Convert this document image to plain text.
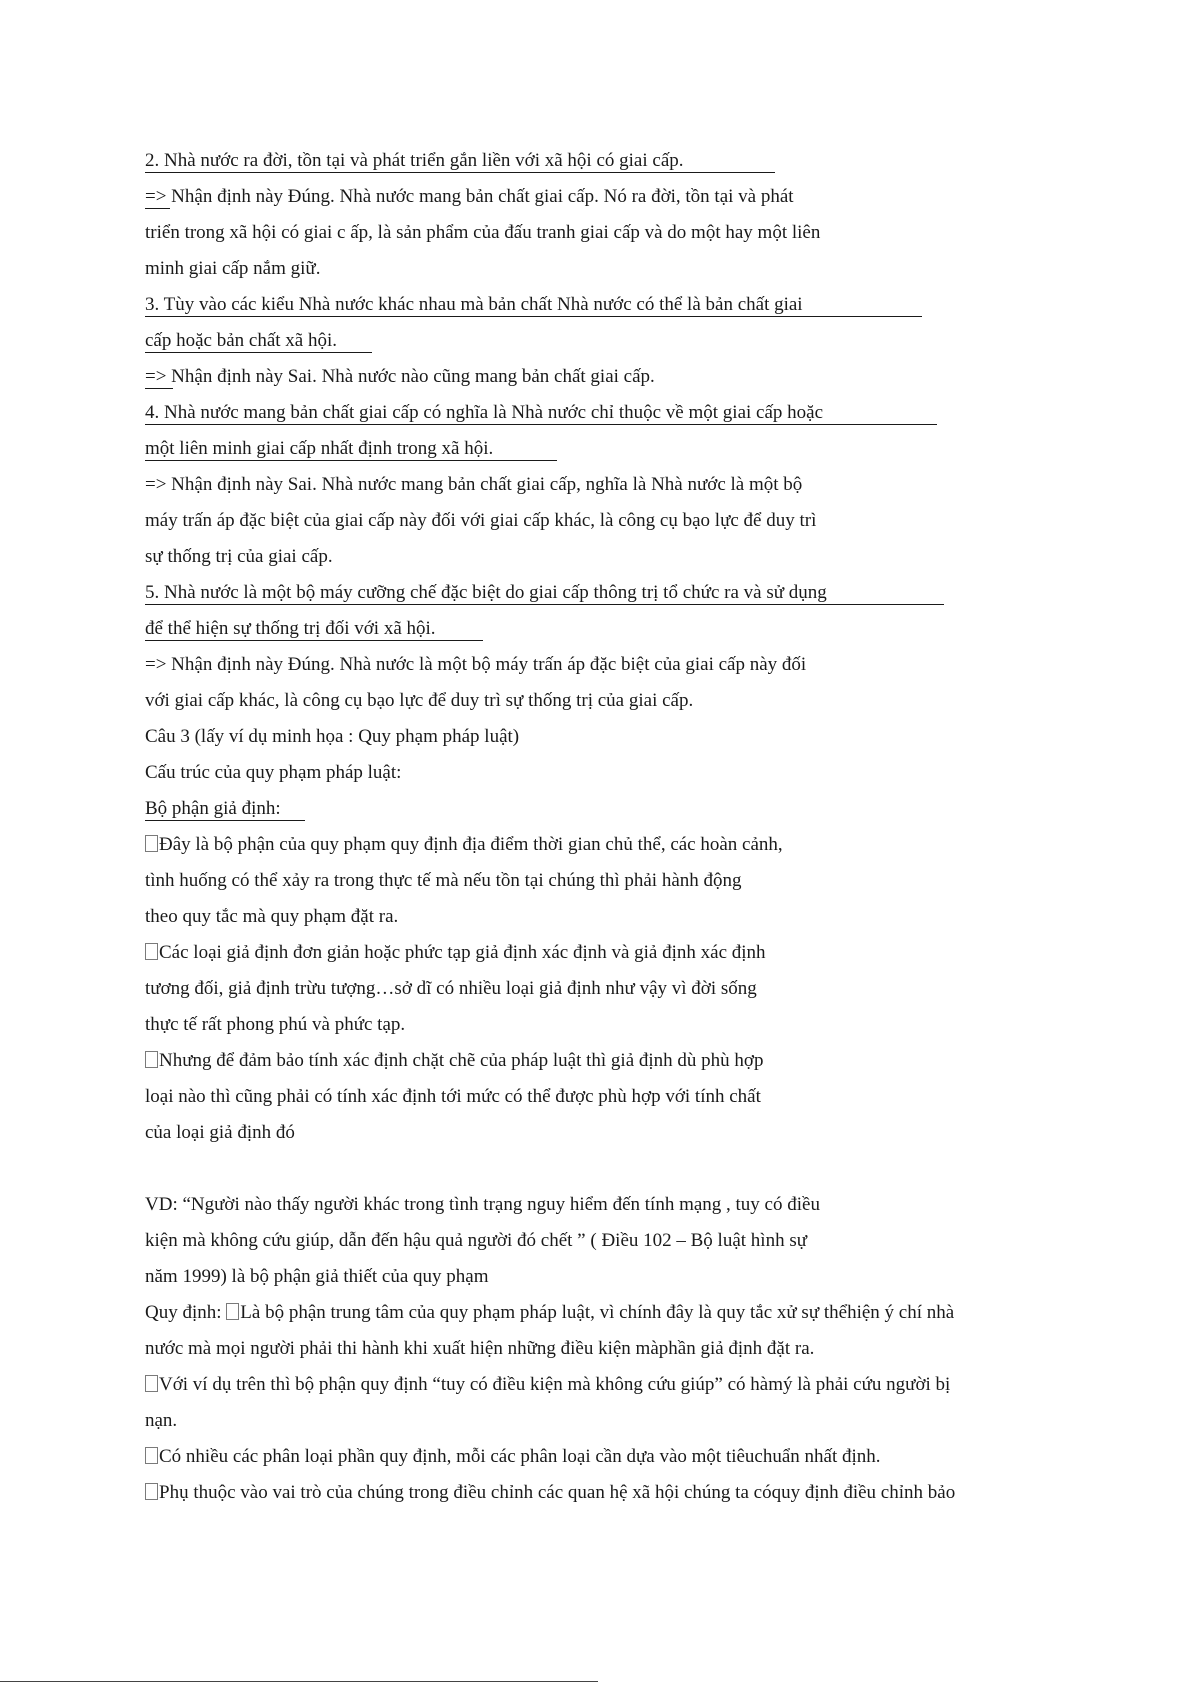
2. Nhà nước ra đời, tồn tại và phát triển gắn liền với xã hội có giai cấp.
=> Nhận định này Đúng. Nhà nước mang bản chất giai cấp. Nó ra đời, tồn tại và phát
triển trong xã hội có giai c ấp, là sản phẩm của đấu tranh giai cấp và do một hay một liên
minh giai cấp nắm giữ.
3. Tùy vào các kiểu Nhà nước khác nhau mà bản chất Nhà nước có thể là bản chất giai
cấp hoặc bản chất xã hội.
=> Nhận định này Sai. Nhà nước nào cũng mang bản chất giai cấp.
4. Nhà nước mang bản chất giai cấp có nghĩa là Nhà nước chỉ thuộc về một giai cấp hoặc
một liên minh giai cấp nhất định trong xã hội.
=> Nhận định này Sai. Nhà nước mang bản chất giai cấp, nghĩa là Nhà nước là một bộ
máy trấn áp đặc biệt của giai cấp này đối với giai cấp khác, là công cụ bạo lực để duy trì
sự thống trị của giai cấp.
5. Nhà nước là một bộ máy cưỡng chế đặc biệt do giai cấp thông trị tổ chức ra và sử dụng
để thể hiện sự thống trị đối với xã hội.
=> Nhận định này Đúng. Nhà nước là một bộ máy trấn áp đặc biệt của giai cấp này đối
với giai cấp khác, là công cụ bạo lực để duy trì sự thống trị của giai cấp.
Câu 3 (lấy ví dụ minh họa : Quy phạm pháp luật)
Cấu trúc của quy phạm pháp luật:
Bộ phận giả định:
Đây là bộ phận của quy phạm quy định địa điểm thời gian chủ thể, các hoàn cảnh,
tình huống có thể xảy ra trong thực tế mà nếu tồn tại chúng thì phải hành động
theo quy tắc mà quy phạm đặt ra.
Các loại giả định đơn giản hoặc phức tạp giả định xác định và giả định xác định
tương đối, giả định trừu tượng…sở dĩ có nhiều loại giả định như vậy vì đời sống
thực tế rất phong phú và phức tạp.
Nhưng để đảm bảo tính xác định chặt chẽ của pháp luật thì giả định dù phù hợp
loại nào thì cũng phải có tính xác định tới mức có thể được phù hợp với tính chất
của loại giả định đó
VD: “Người nào thấy người khác trong tình trạng nguy hiểm đến tính mạng , tuy có điều
kiện mà không cứu giúp, dẫn đến hậu quả người đó chết ” ( Điều 102 – Bộ luật hình sự
năm 1999) là bộ phận giả thiết của quy phạm
Quy định: Là bộ phận trung tâm của quy phạm pháp luật, vì chính đây là quy tắc xử sự thểhiện ý chí nhà
nước mà mọi người phải thi hành khi xuất hiện những điều kiện màphần giả định đặt ra.
Với ví dụ trên thì bộ phận quy định “tuy có điều kiện mà không cứu giúp” có hàmý là phải cứu người bị
nạn.
Có nhiều các phân loại phần quy định, mỗi các phân loại cần dựa vào một tiêuchuẩn nhất định.
Phụ thuộc vào vai trò của chúng trong điều chỉnh các quan hệ xã hội chúng ta cóquy định điều chỉnh bảo
